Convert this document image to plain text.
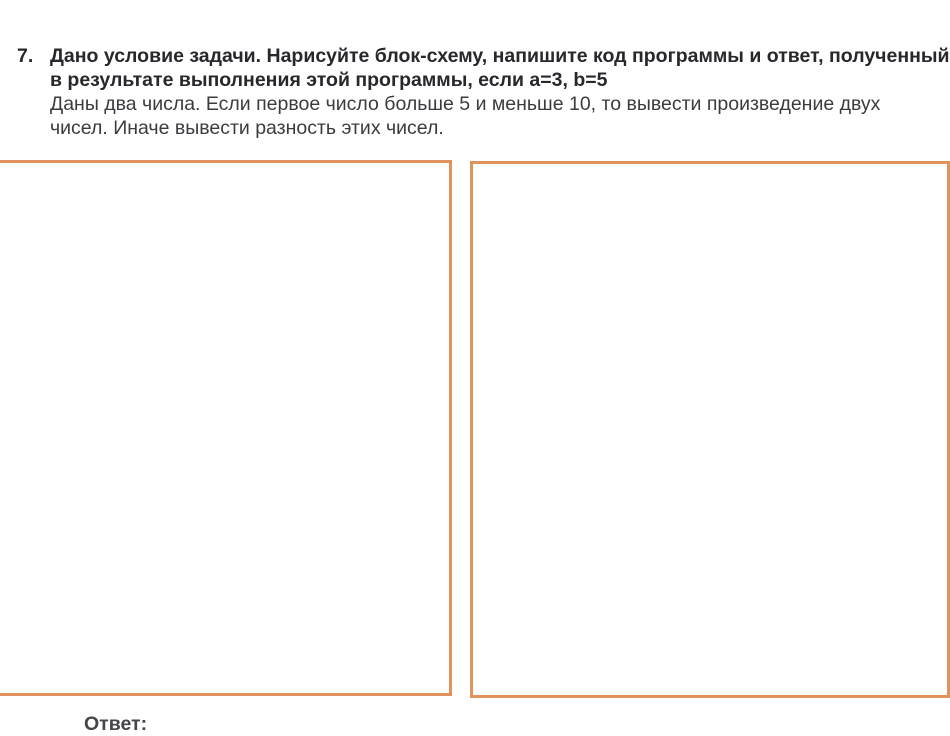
7. Дано условие задачи. Нарисуйте блок-схему, напишите код программы и ответ, полученный
в результате выполнения этой программы, если a=3, b=5
Даны два числа. Если первое число больше 5 и меньше 10, то вывести произведение двух
чисел. Иначе вывести разность этих чисел.
Ответ:
